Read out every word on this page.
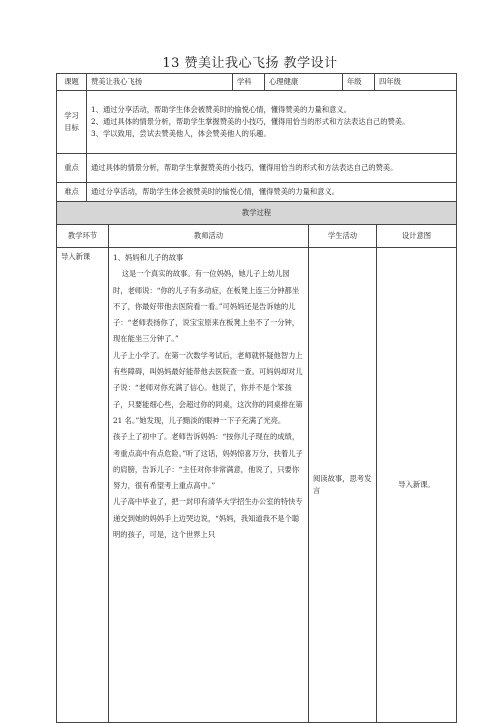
13 赞美让我心飞扬 教学设计
课题	赞美让我心飞扬	学科	心理健康	年级	四年级
学习目标	1、通过分享活动，帮助学生体会被赞美时的愉悦心情，懂得赞美的力量和意义。
2、通过具体的情景分析，帮助学生掌握赞美的小技巧，懂得用恰当的形式和方法表达自己的赞美。
3、学以致用，尝试去赞美他人，体会赞美他人的乐趣。				

重点	通过具体的情景分析，帮助学生掌握赞美的小技巧，懂得用恰当的形式和方法表达自己的赞美。				
难点	通过分享活动，帮助学生体会被赞美时的愉悦心情，懂得赞美的力量和意义。				
教学过程			
教学环节	教师活动	学生活动	设计意图
导入新课	1、妈妈和儿子的故事

这是一个真实的故事。有一位妈妈，她儿子上幼儿园时，老师说：“你的儿子有多动症，在板凳上连三分钟都坐不了，你最好带他去医院看一看。”可妈妈还是告诉她的儿子：“老师表扬你了，说宝宝原来在板凳上坐不了一分钟，现在能坐三分钟了。”

儿子上小学了。在第一次数学考试后，老师就怀疑他智力上有些障碍，叫妈妈最好能带他去医院查一查。可妈妈却对儿子说：“老师对你充满了信心。他说了，你并不是个笨孩子，只要能细心些，会超过你的同桌，这次你的同桌排在第 21 名。”她发现，儿子黯淡的眼神一下子充满了光亮。

孩子上了初中了。老师告诉妈妈：“按你儿子现在的成绩，考重点高中有点危险。”听了这话，妈妈惊喜万分，扶着儿子的肩膀，告诉儿子：“主任对你非常满意，他说了，只要你努力，很有希望考上重点高中。”

儿子高中毕业了，把一封印有清华大学招生办公室的特快专递交到她的妈妈手上边哭边说，“妈妈，我知道我不是个聪明的孩子，可是，这个世界上只	阅读故事，思考发言	导入新课。
